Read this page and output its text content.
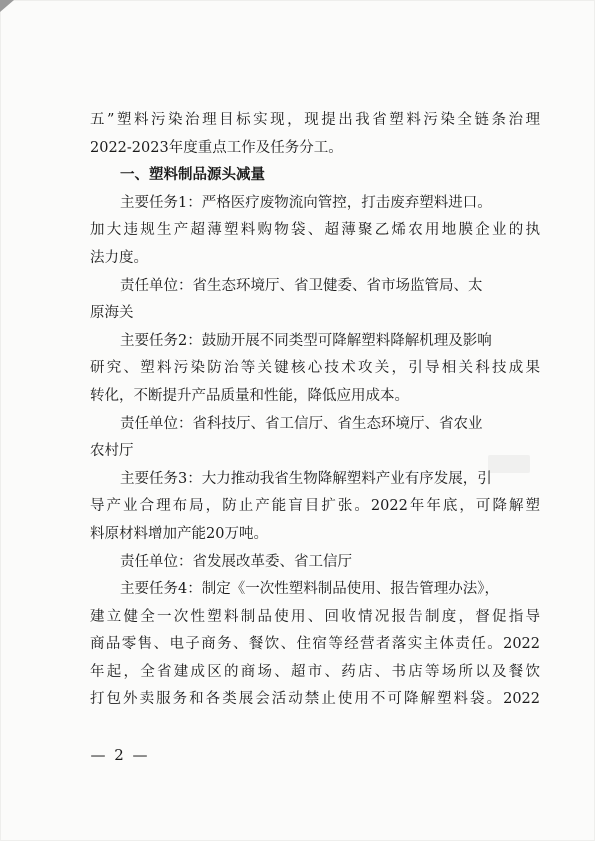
五”塑料污染治理目标实现，现提出我省塑料污染全链条治理
2022-2023年度重点工作及任务分工。
一、塑料制品源头减量
主要任务1：严格医疗废物流向管控，打击废弃塑料进口。
加大违规生产超薄塑料购物袋、超薄聚乙烯农用地膜企业的执
法力度。
责任单位：省生态环境厅、省卫健委、省市场监管局、太
原海关
主要任务2：鼓励开展不同类型可降解塑料降解机理及影响
研究、塑料污染防治等关键核心技术攻关，引导相关科技成果
转化，不断提升产品质量和性能，降低应用成本。
责任单位：省科技厅、省工信厅、省生态环境厅、省农业
农村厅
主要任务3：大力推动我省生物降解塑料产业有序发展，引
导产业合理布局，防止产能盲目扩张。2022年年底，可降解塑
料原材料增加产能20万吨。
责任单位：省发展改革委、省工信厅
主要任务4：制定《一次性塑料制品使用、报告管理办法》，
建立健全一次性塑料制品使用、回收情况报告制度，督促指导
商品零售、电子商务、餐饮、住宿等经营者落实主体责任。2022
年起，全省建成区的商场、超市、药店、书店等场所以及餐饮
打包外卖服务和各类展会活动禁止使用不可降解塑料袋。2022
— 2 —
